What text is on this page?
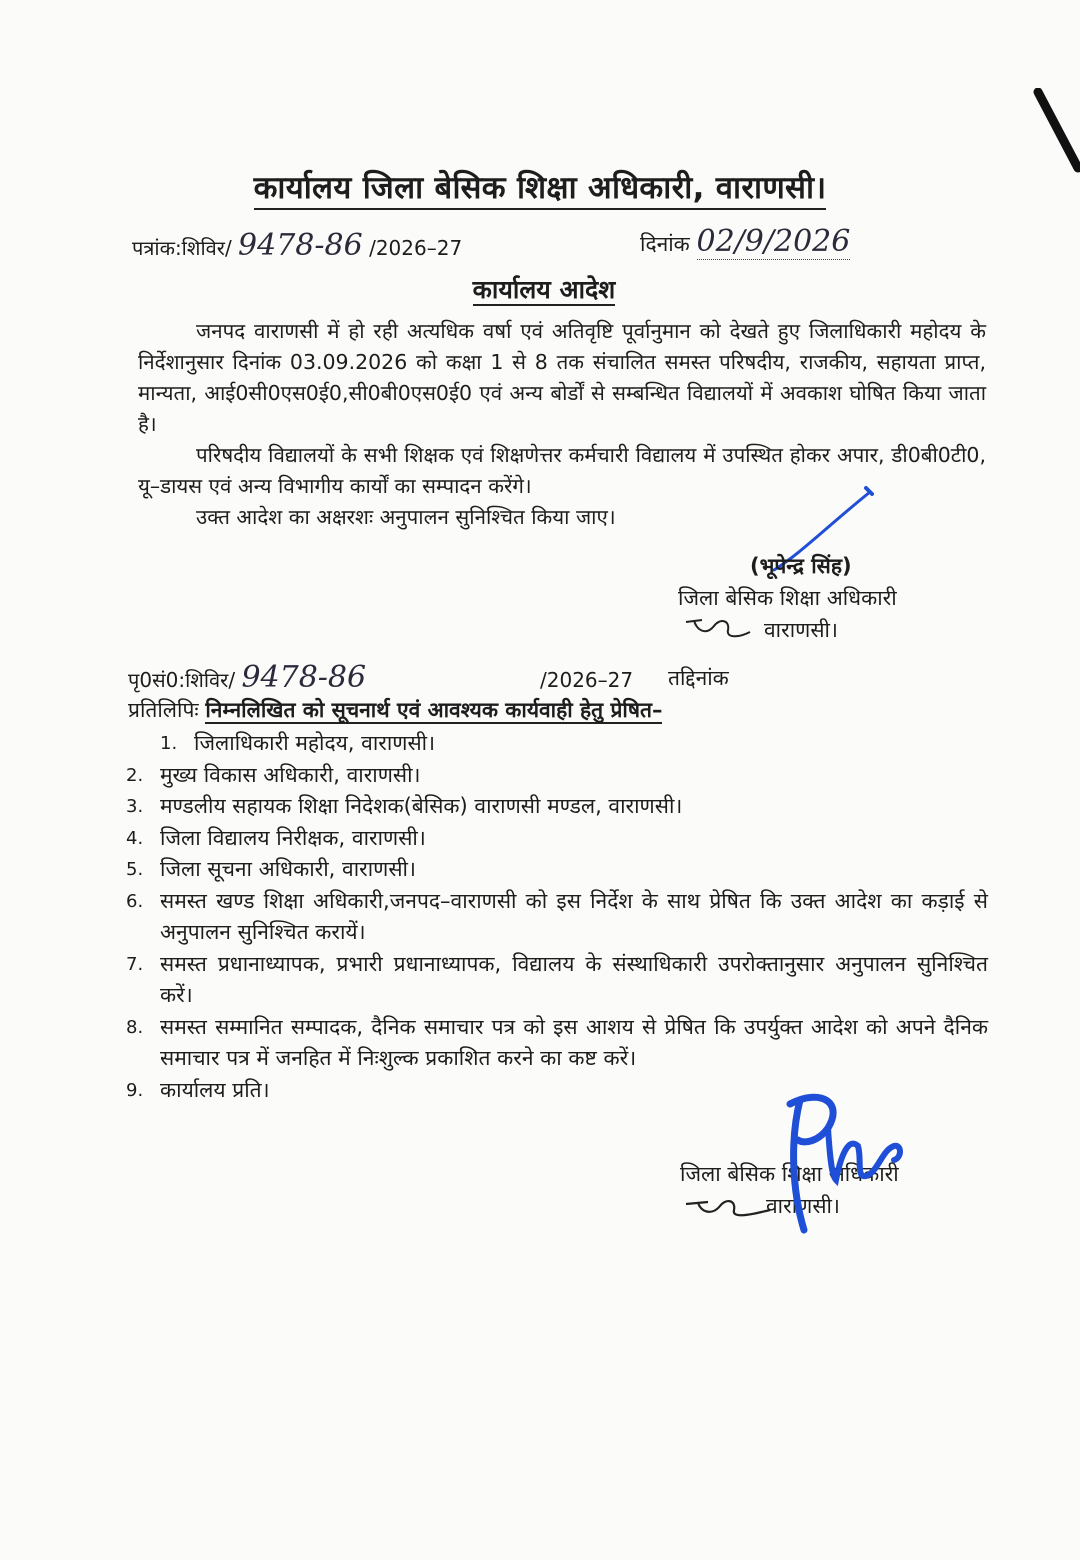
कार्यालय जिला बेसिक शिक्षा अधिकारी, वाराणसी।
पत्रांक:शिविर/ 9478-86 /2026–27	दिनांक 02/9/2026
कार्यालय आदेश

जनपद वाराणसी में हो रही अत्यधिक वर्षा एवं अतिवृष्टि पूर्वानुमान को देखते हुए जिलाधिकारी महोदय के निर्देशानुसार दिनांक 03.09.2026 को कक्षा 1 से 8 तक संचालित समस्त परिषदीय, राजकीय, सहायता प्राप्त, मान्यता, आई0सी0एस0ई0,सी0बी0एस0ई0 एवं अन्य बोर्डों से सम्बन्धित विद्यालयों में अवकाश घोषित किया जाता है।

परिषदीय विद्यालयों के सभी शिक्षक एवं शिक्षणेत्तर कर्मचारी विद्यालय में उपस्थित होकर अपार, डी0बी0टी0, यू–डायस एवं अन्य विभागीय कार्यों का सम्पादन करेंगे।

उक्त आदेश का अक्षरशः अनुपालन सुनिश्चित किया जाए।

(भूपेन्द्र सिंह)
जिला बेसिक शिक्षा अधिकारी
वाराणसी।
पृ0सं0:शिविर/ 9478-86	/2026–27 तद्दिनांक
प्रतिलिपिः निम्नलिखित को सूचनार्थ एवं आवश्यक कार्यवाही हेतु प्रेषित–
1. जिलाधिकारी महोदय, वाराणसी।
2. मुख्य विकास अधिकारी, वाराणसी।
3. मण्डलीय सहायक शिक्षा निदेशक(बेसिक) वाराणसी मण्डल, वाराणसी।
4. जिला विद्यालय निरीक्षक, वाराणसी।
5. जिला सूचना अधिकारी, वाराणसी।
6. समस्त खण्ड शिक्षा अधिकारी,जनपद–वाराणसी को इस निर्देश के साथ प्रेषित कि उक्त आदेश का कड़ाई से अनुपालन सुनिश्चित करायें।
7. समस्त प्रधानाध्यापक, प्रभारी प्रधानाध्यापक, विद्यालय के संस्थाधिकारी उपरोक्तानुसार अनुपालन सुनिश्चित करें।
8. समस्त सम्मानित सम्पादक, दैनिक समाचार पत्र को इस आशय से प्रेषित कि उपर्युक्त आदेश को अपने दैनिक समाचार पत्र में जनहित में निःशुल्क प्रकाशित करने का कष्ट करें।
9. कार्यालय प्रति।
जिला बेसिक शिक्षा अधिकारी
वाराणसी।
